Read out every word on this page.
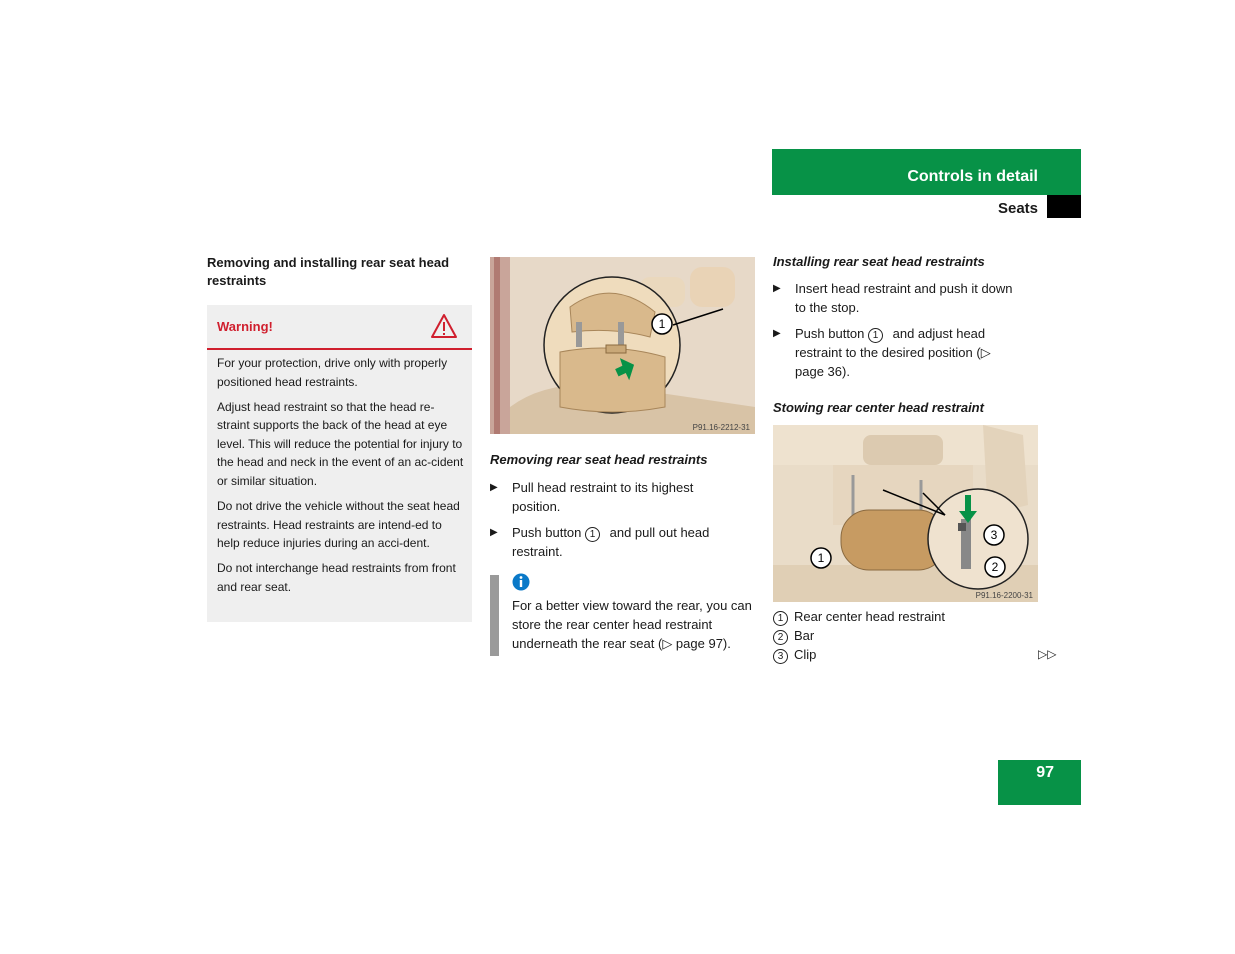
Controls in detail
Seats
Removing and installing rear seat head restraints
Warning!

For your protection, drive only with properly positioned head restraints.

Adjust head restraint so that the head re-straint supports the back of the head at eye level. This will reduce the potential for injury to the head and neck in the event of an ac-cident or similar situation.

Do not drive the vehicle without the seat head restraints. Head restraints are intend-ed to help reduce injuries during an acci-dent.

Do not interchange head restraints from front and rear seat.

1
P91.16-2212-31
Removing rear seat head restraints
▶ Pull head restraint to its highest position.
▶ Push button 1 and pull out head restraint.
For a better view toward the rear, you can store the rear center head restraint underneath the rear seat (▷ page 97).
Installing rear seat head restraints
▶ Insert head restraint and push it down to the stop.
▶ Push button 1 and adjust head restraint to the desired position (▷ page 36).
Stowing rear center head restraint
1
2
3
P91.16-2200-31
1 Rear center head restraint
2 Bar
3 Clip	▷▷
97
